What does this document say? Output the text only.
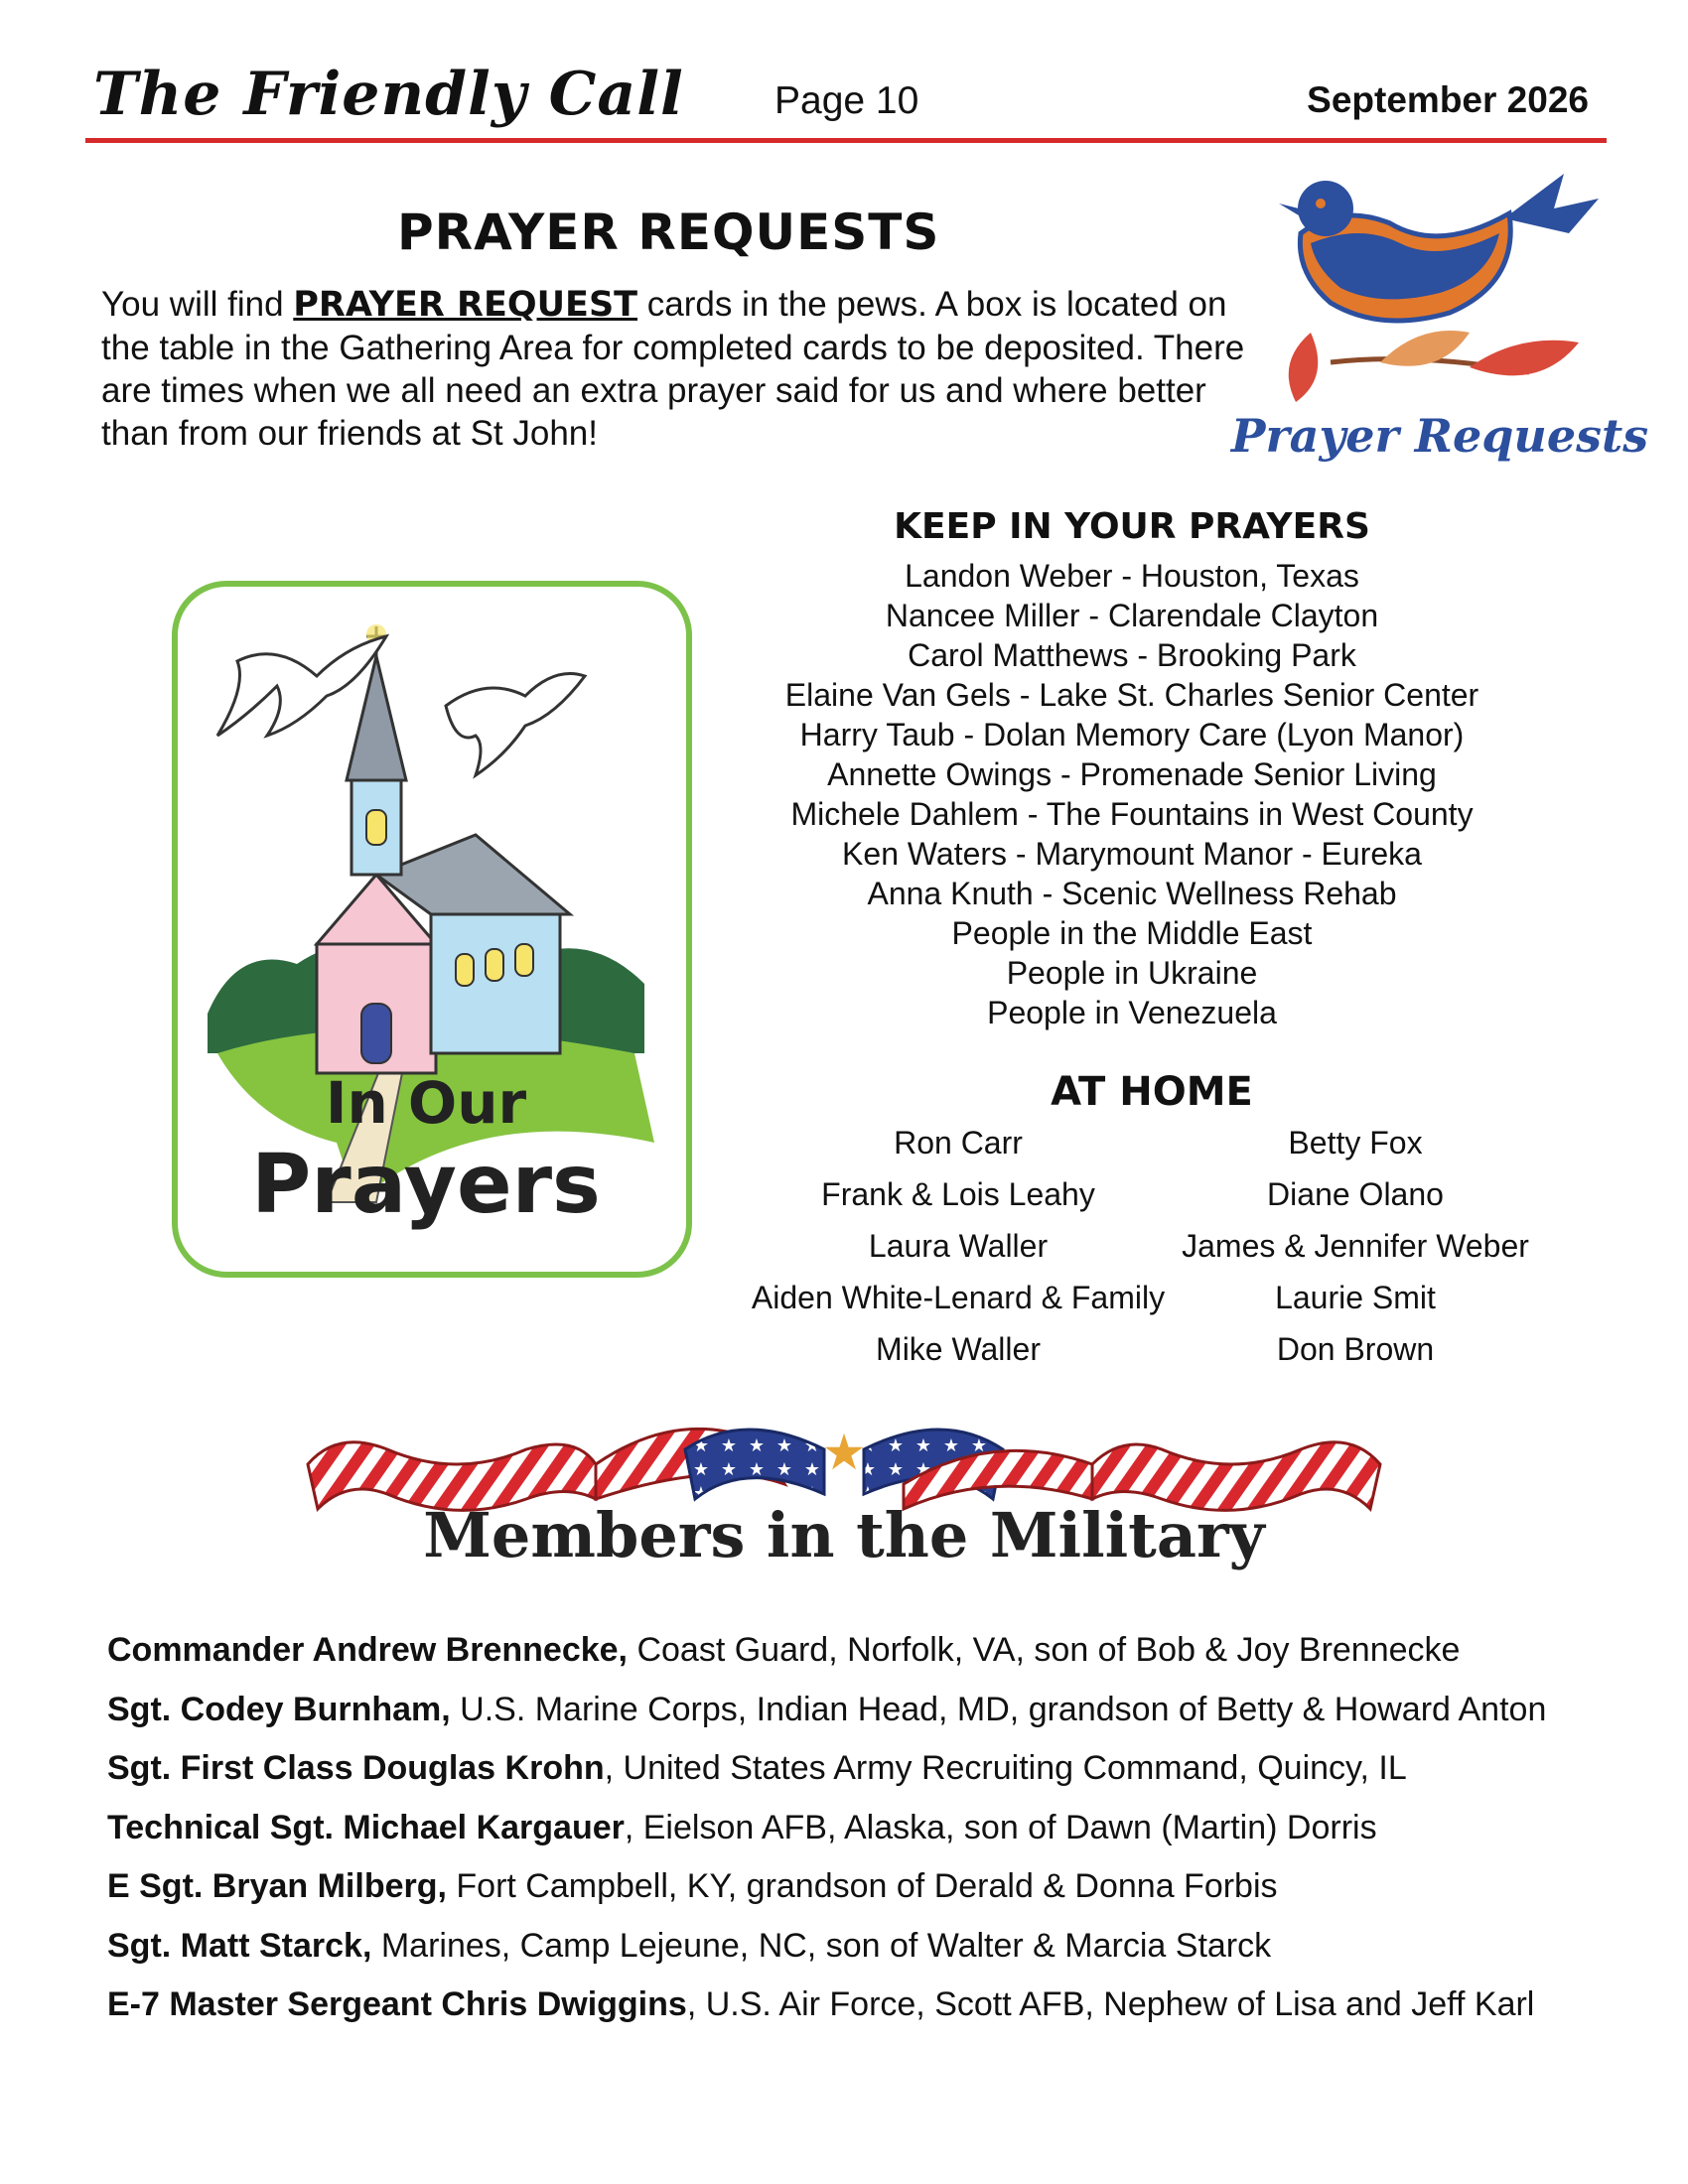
The Friendly Call Page 10	September 2026
PRAYER REQUESTS
You will find PRAYER REQUEST cards in the pews. A box is located on the table in the Gathering Area for completed cards to be deposited. There are times when we all need an extra prayer said for us and where better than from our friends at St John!	Prayer Requests
In Our
Prayers
KEEP IN YOUR PRAYERS
Landon Weber - Houston, Texas
Nancee Miller - Clarendale Clayton
Carol Matthews - Brooking Park
Elaine Van Gels - Lake St. Charles Senior Center
Harry Taub - Dolan Memory Care (Lyon Manor)
Annette Owings - Promenade Senior Living
Michele Dahlem - The Fountains in West County
Ken Waters - Marymount Manor - Eureka
Anna Knuth - Scenic Wellness Rehab
People in the Middle East
People in Ukraine
People in Venezuela
AT HOME
Ron Carr	Betty Fox
Frank & Lois Leahy	Diane Olano
Laura Waller	James & Jennifer Weber
Aiden White-Lenard & Family	Laurie Smit
Mike Waller	Don Brown
★
Members in the Military
Commander Andrew Brennecke, Coast Guard, Norfolk, VA, son of Bob & Joy Brennecke
Sgt. Codey Burnham, U.S. Marine Corps, Indian Head, MD, grandson of Betty & Howard Anton
Sgt. First Class Douglas Krohn, United States Army Recruiting Command, Quincy, IL
Technical Sgt. Michael Kargauer, Eielson AFB, Alaska, son of Dawn (Martin) Dorris
E Sgt. Bryan Milberg, Fort Campbell, KY, grandson of Derald & Donna Forbis
Sgt. Matt Starck, Marines, Camp Lejeune, NC, son of Walter & Marcia Starck
E-7 Master Sergeant Chris Dwiggins, U.S. Air Force, Scott AFB, Nephew of Lisa and Jeff Karl
